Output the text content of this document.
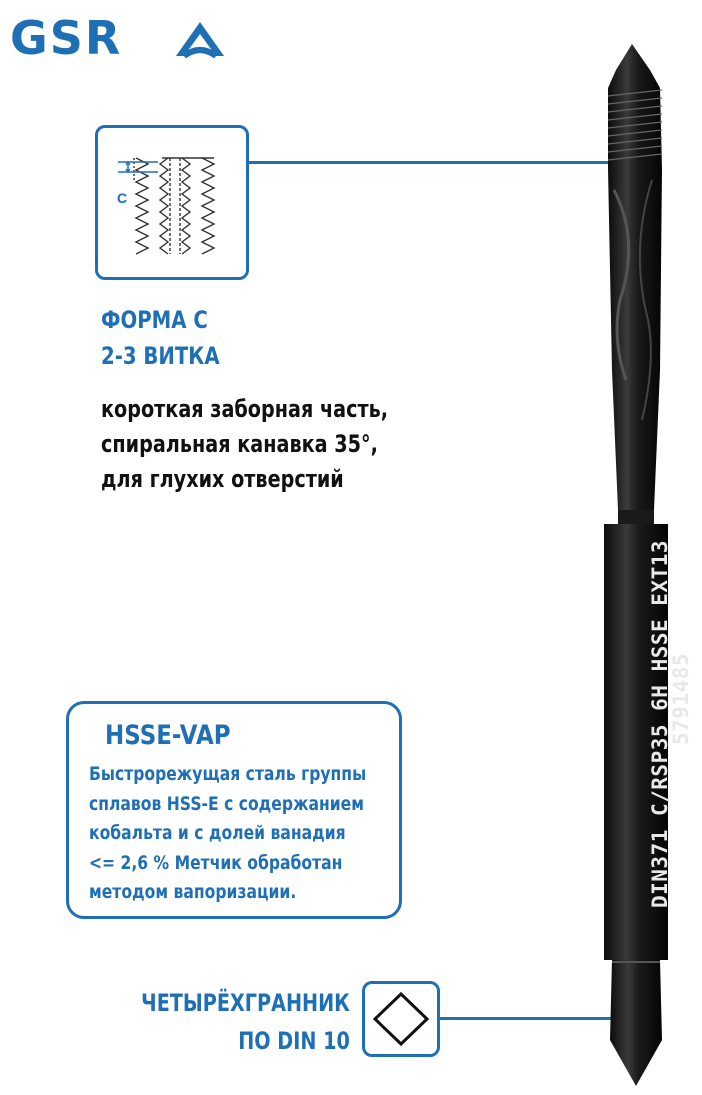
GSR
C
ФОРМА С
2-3 ВИТКА
короткая заборная часть,
спиральная канавка 35°,
для глухих отверстий
HSSE-VAP
Быстрорежущая сталь группы
сплавов HSS-E с содержанием
кобальта и с долей ванадия
<= 2,6 % Метчик обработан
методом вапоризации.
ЧЕТЫРЁХГРАННИК
ПО DIN 10
DIN371 C/RSP35 6H HSSE EXT13
5791485
